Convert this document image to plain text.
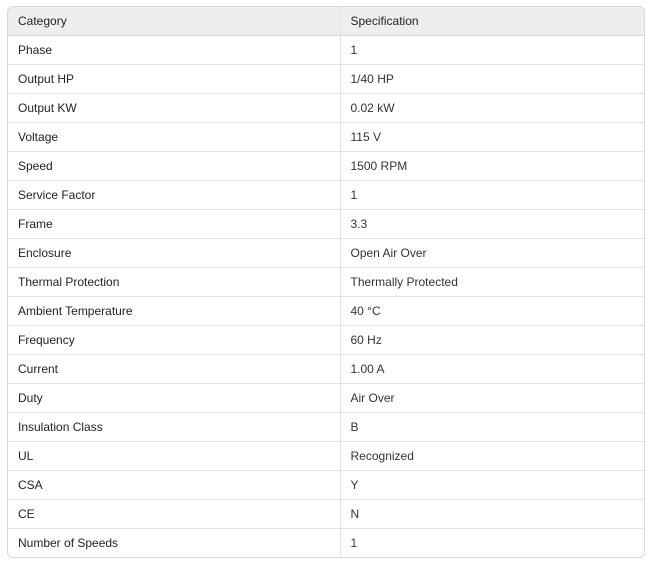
Category	Specification
Phase	1
Output HP	1/40 HP
Output KW	0.02 kW
Voltage	115 V
Speed	1500 RPM
Service Factor	1
Frame	3.3
Enclosure	Open Air Over
Thermal Protection	Thermally Protected
Ambient Temperature	40 °C
Frequency	60 Hz
Current	1.00 A
Duty	Air Over
Insulation Class	B
UL	Recognized
CSA	Y
CE	N
Number of Speeds	1
